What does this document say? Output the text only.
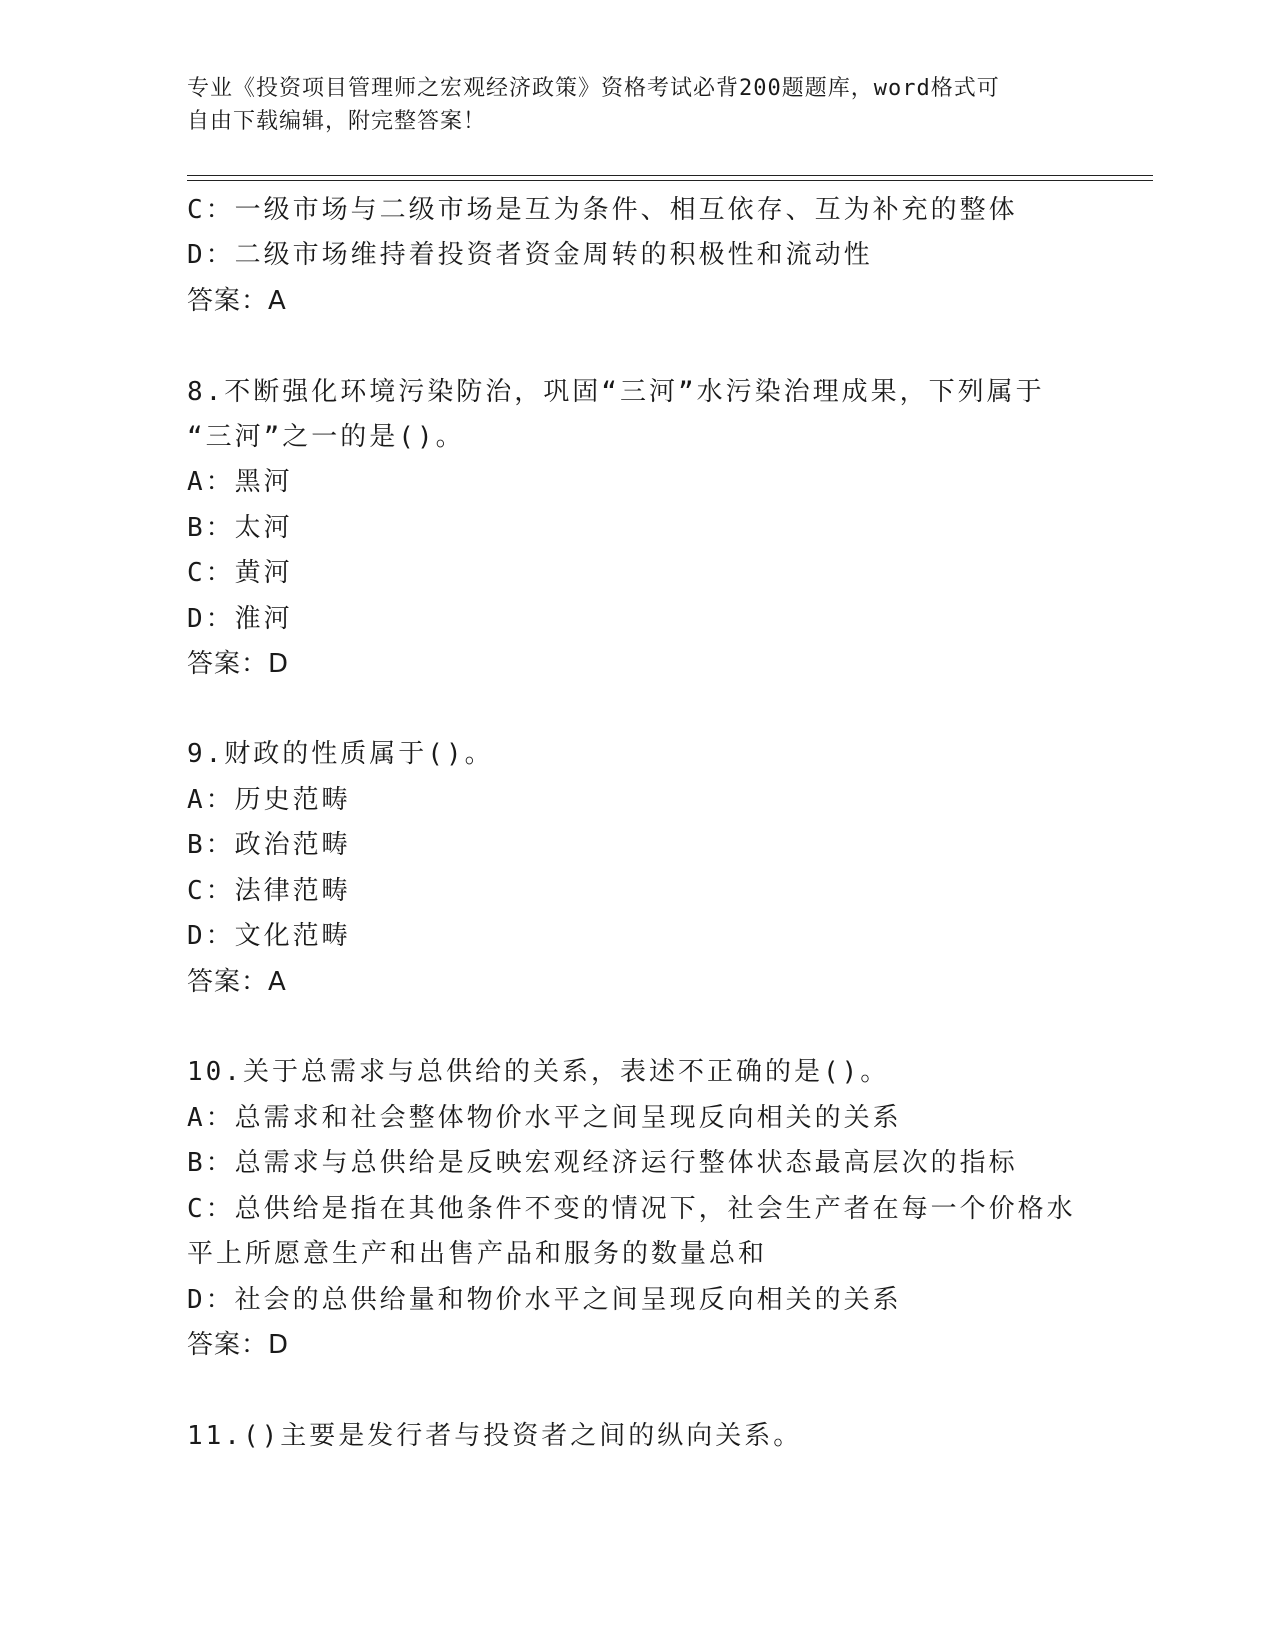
专业《投资项目管理师之宏观经济政策》资格考试必背200题题库，word格式可
自由下载编辑，附完整答案！
C：一级市场与二级市场是互为条件、相互依存、互为补充的整体
D：二级市场维持着投资者资金周转的积极性和流动性
答案：A
8.不断强化环境污染防治，巩固“三河”水污染治理成果，下列属于
“三河”之一的是()。
A：黑河
B：太河
C：黄河
D：淮河
答案：D
9.财政的性质属于()。
A：历史范畴
B：政治范畴
C：法律范畴
D：文化范畴
答案：A
10.关于总需求与总供给的关系，表述不正确的是()。
A：总需求和社会整体物价水平之间呈现反向相关的关系
B：总需求与总供给是反映宏观经济运行整体状态最高层次的指标
C：总供给是指在其他条件不变的情况下，社会生产者在每一个价格水
平上所愿意生产和出售产品和服务的数量总和
D：社会的总供给量和物价水平之间呈现反向相关的关系
答案：D
11.()主要是发行者与投资者之间的纵向关系。
